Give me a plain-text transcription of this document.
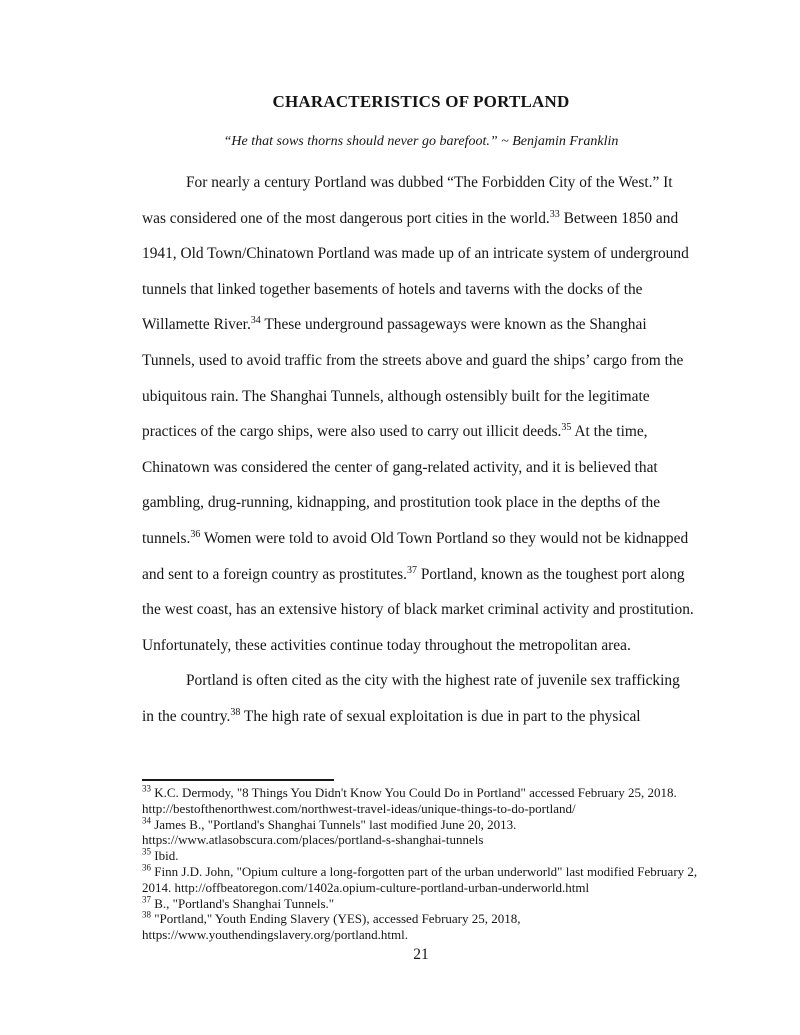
CHARACTERISTICS OF PORTLAND
“He that sows thorns should never go barefoot.” ~ Benjamin Franklin
For nearly a century Portland was dubbed “The Forbidden City of the West.” It
was considered one of the most dangerous port cities in the world.$^{33}$ Between 1850 and
1941, Old Town/Chinatown Portland was made up of an intricate system of underground
tunnels that linked together basements of hotels and taverns with the docks of the
Willamette River.$^{34}$ These underground passageways were known as the Shanghai
Tunnels, used to avoid traffic from the streets above and guard the ships’ cargo from the
ubiquitous rain. The Shanghai Tunnels, although ostensibly built for the legitimate
practices of the cargo ships, were also used to carry out illicit deeds.$^{35}$ At the time,
Chinatown was considered the center of gang-related activity, and it is believed that
gambling, drug-running, kidnapping, and prostitution took place in the depths of the
tunnels.$^{36}$ Women were told to avoid Old Town Portland so they would not be kidnapped
and sent to a foreign country as prostitutes.$^{37}$ Portland, known as the toughest port along
the west coast, has an extensive history of black market criminal activity and prostitution.
Unfortunately, these activities continue today throughout the metropolitan area.
Portland is often cited as the city with the highest rate of juvenile sex trafficking
in the country.$^{38}$ The high rate of sexual exploitation is due in part to the physical
$^{33}$ K.C. Dermody, "8 Things You Didn't Know You Could Do in Portland" accessed February 25, 2018.
http://bestofthenorthwest.com/northwest-travel-ideas/unique-things-to-do-portland/
$^{34}$ James B., "Portland's Shanghai Tunnels" last modified June 20, 2013.
https://www.atlasobscura.com/places/portland-s-shanghai-tunnels
$^{35}$ Ibid.
$^{36}$ Finn J.D. John, "Opium culture a long-forgotten part of the urban underworld" last modified February 2,
2014. http://offbeatoregon.com/1402a.opium-culture-portland-urban-underworld.html
$^{37}$ B., "Portland's Shanghai Tunnels."
$^{38}$ "Portland," Youth Ending Slavery (YES), accessed February 25, 2018,
https://www.youthendingslavery.org/portland.html.
21
